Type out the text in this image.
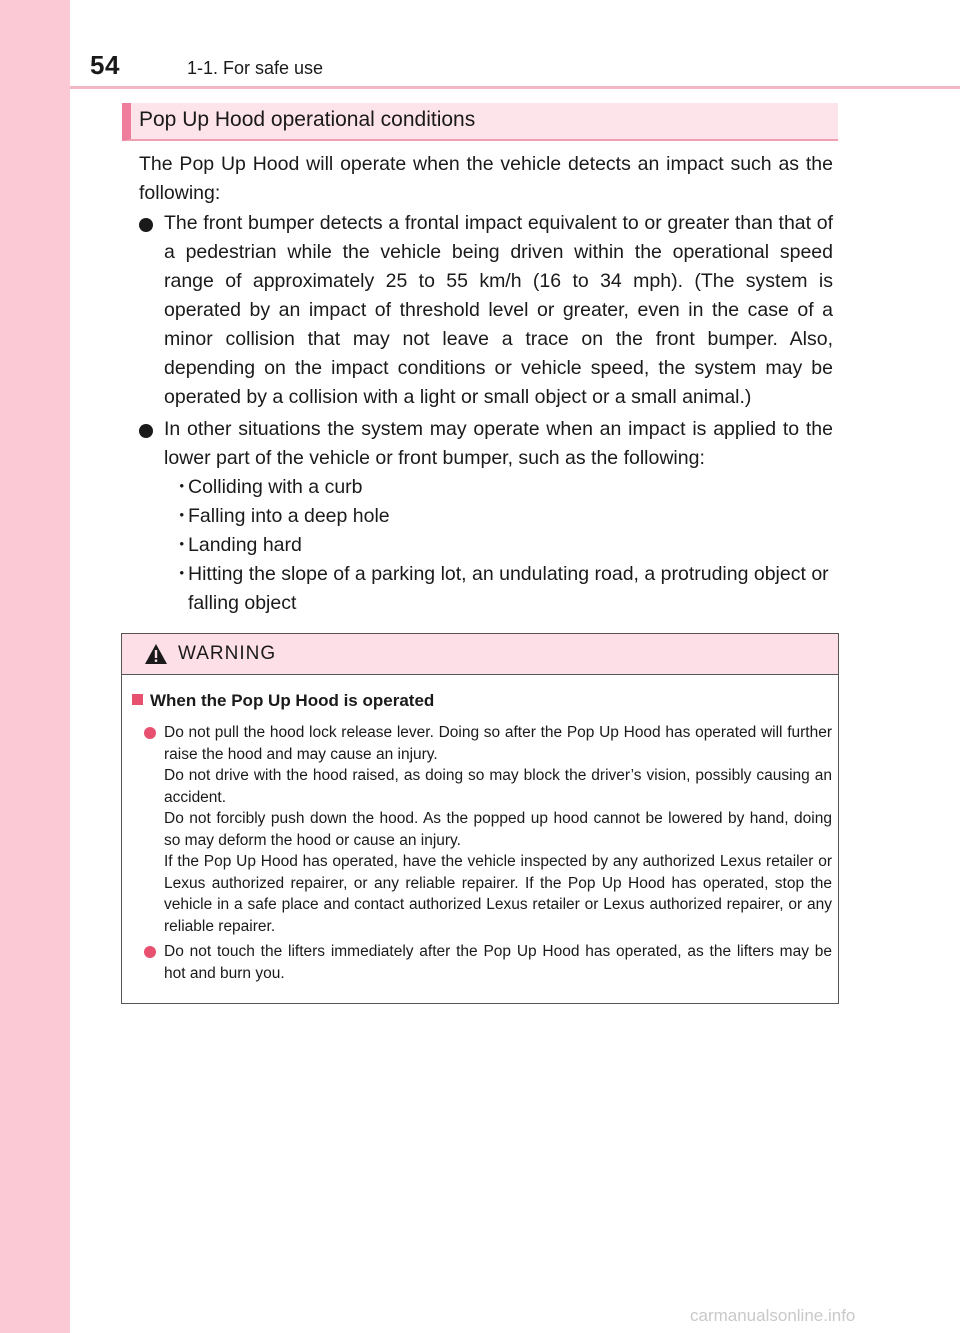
54	1-1. For safe use
Pop Up Hood operational conditions

The Pop Up Hood will operate when the vehicle detects an impact such as the following:

The front bumper detects a frontal impact equivalent to or greater than that of a pedestrian while the vehicle being driven within the operational speed range of approximately 25 to 55 km/h (16 to 34 mph). (The system is operated by an impact of threshold level or greater, even in the case of a minor collision that may not leave a trace on the front bumper. Also, depending on the impact conditions or vehicle speed, the system may be operated by a collision with a light or small object or a small animal.)
In other situations the system may operate when an impact is applied to the lower part of the vehicle or front bumper, such as the following:
・
Colliding with a curb
・
Falling into a deep hole
・
Landing hard
・
Hitting the slope of a parking lot, an undulating road, a protruding object or falling object
WARNING
When the Pop Up Hood is operated
Do not pull the hood lock release lever. Doing so after the Pop Up Hood has operated will further raise the hood and may cause an injury.
Do not drive with the hood raised, as doing so may block the driver’s vision, possibly causing an accident.
Do not forcibly push down the hood. As the popped up hood cannot be lowered by hand, doing so may deform the hood or cause an injury.
If the Pop Up Hood has operated, have the vehicle inspected by any authorized Lexus retailer or Lexus authorized repairer, or any reliable repairer. If the Pop Up Hood has operated, stop the vehicle in a safe place and contact authorized Lexus retailer or Lexus authorized repairer, or any reliable repairer.
Do not touch the lifters immediately after the Pop Up Hood has operated, as the lifters may be hot and burn you.
carmanualsonline.info
